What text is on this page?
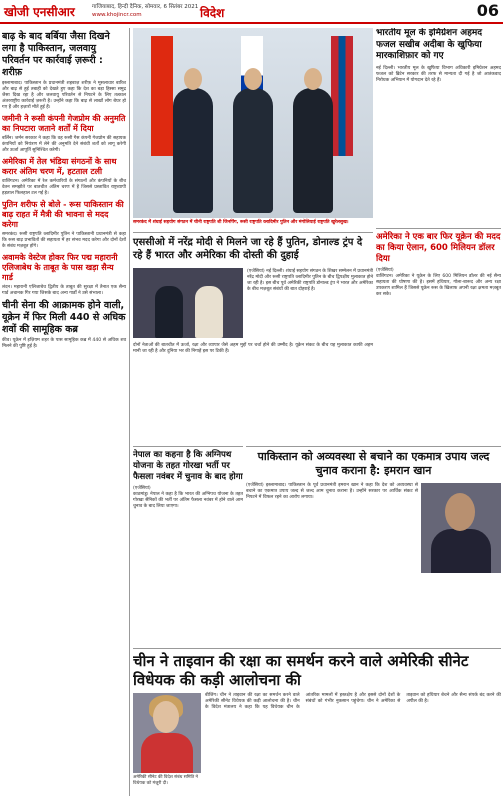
खोजी एनसीआर	गाजियाबाद, हिन्दी दैनिक, सोमवार, 6 सितंबर 2021
www.khojincr.com	विदेश	06
बाढ़ के बाद बर्बिया जैसा दिखने लगा है पाकिस्तान, जलवायु परिवर्तन पर कार्रवाई ज़रूरी : शरीफ़
इस्लामाबाद। पाकिस्तान के प्रधानमंत्री शहबाज़ शरीफ़ ने मूसलाधार बारिश और बाढ़ से हुई तबाही को देखते हुए कहा कि देश का बड़ा हिस्सा समुद्र जैसा दिख रहा है और जलवायु परिवर्तन से निपटने के लिए तत्काल अंतरराष्ट्रीय कार्रवाई ज़रूरी है। उन्होंने कहा कि बाढ़ से लाखों लोग बेघर हो गए हैं और हज़ारों मौतें हुई हैं।
जमीनी ने रूसी कंपनी गेजप्रोम की अनुमति का निपटारा जताने शर्तों में दिया
बर्लिन। जर्मन सरकार ने कहा कि वह रूसी गैस कंपनी गेजप्रोम की सहायक कंपनियों को नियंत्रण में लेने की अनुमति देने संबंधी शर्तों को लागू करेगी और ऊर्जा आपूर्ति सुनिश्चित करेगी।
अमेरिका में तेल भंडिया संगठनों के साथ करार अंतिम चरण में, हटताल टली
वाशिंगटन। अमेरिका में रेल कर्मचारियों के संगठनों और कंपनियों के बीच वेतन समझौते पर बातचीत अंतिम चरण में है जिससे प्रस्तावित राष्ट्रव्यापी हड़ताल फिलहाल टल गई है।
पुतिन शरीफ से बोले - रूस पाकिस्तान की बाढ़ राहत में मैत्री की भावना से मदद करेगा
समरकंद। रूसी राष्ट्रपति व्लादिमीर पुतिन ने पाकिस्तानी प्रधानमंत्री से कहा कि रूस बाढ़ प्रभावितों की सहायता में हर संभव मदद करेगा और दोनों देशों के संबंध मज़बूत होंगे।
अवामके वेस्टेज होकर फिर पद्म महारानी एलिजाबेथ के ताबूत के पास खड़ा सैन्य गार्ड
लंदन। महारानी एलिजाबेथ द्वितीय के ताबूत की सुरक्षा में तैनात एक सैन्य गार्ड अचानक गिर गया जिसके बाद अन्य गार्डों ने उसे संभाला।
चीनी सेना की आक्रामक होने वाली, यूक्रेन में फिर मिली 440 से अधिक शवों की सामूहिक कब्र
कीव। यूक्रेन में इज़ियम शहर के पास सामूहिक कब्र में 440 से अधिक शव मिलने की पुष्टि हुई है।
समरकंद में शंघाई सहयोग संगठन में चीनी राष्ट्रपति शी जिनपिंग, रूसी राष्ट्रपति व्लादिमीर पुतिन और मंगोलियाई राष्ट्रपति खुरेलसुख।
भारतीय मूल के इमिग्रेशन अहमद फजल सखीब अदीबा के खुफिया मारकाशिफ़ार को गए
नई दिल्ली। भारतीय मूल के खुफिया विभाग अधिकारी इमिग्रेशन अहमद फजल को ब्रिटेन सरकार की तरफ से मान्यता दी गई है जो आतंकवाद निरोधक अभियान में योगदान देते रहे हैं।
एससीओ में नरेंद्र मोदी से मिलने जा रहे हैं पुतिन, डोनाल्ड ट्रंप दे रहे हैं भारत और अमेरिका की दोस्ती की दुहाई
(एजेंसियां) नई दिल्ली। शंघाई सहयोग संगठन के शिखर सम्मेलन में प्रधानमंत्री नरेंद्र मोदी और रूसी राष्ट्रपति व्लादिमीर पुतिन के बीच द्विपक्षीय मुलाकात होने जा रही है। इस बीच पूर्व अमेरिकी राष्ट्रपति डोनाल्ड ट्रंप ने भारत और अमेरिका के बीच मज़बूत संबंधों की बात दोहराई है।
दोनों नेताओं की बातचीत में ऊर्जा, रक्षा और व्यापार जैसे अहम मुद्दों पर चर्चा होने की उम्मीद है। यूक्रेन संकट के बीच यह मुलाकात काफी अहम मानी जा रही है और दुनिया भर की निगाहें इस पर टिकी हैं।
अमेरिका ने एक बार फिर यूक्रेन की मदद का किया ऐलान, 600 मिलियन डॉलर दिया
(एजेंसियां)
वाशिंगटन। अमेरिका ने यूक्रेन के लिए 600 मिलियन डॉलर की नई सैन्य सहायता की घोषणा की है। इसमें हथियार, गोला-बारूद और अन्य रक्षा उपकरण शामिल हैं जिससे यूक्रेन रूस के खिलाफ अपनी रक्षा क्षमता मज़बूत कर सके।
नेपाल का कहना है कि अग्निपथ योजना के तहत गोरखा भर्ती पर फैसला नवंबर में चुनाव के बाद होगा
(एजेंसियां)
काठमांडू। नेपाल ने कहा है कि भारत की अग्निपथ योजना के तहत गोरखा सैनिकों की भर्ती पर अंतिम फैसला नवंबर में होने वाले आम चुनाव के बाद लिया जाएगा।
पाकिस्तान को अव्यवस्था से बचाने का एकमात्र उपाय जल्द चुनाव कराना है: इमरान खान
(एजेंसियां) इस्लामाबाद। पाकिस्तान के पूर्व प्रधानमंत्री इमरान खान ने कहा कि देश को अव्यवस्था से बचाने का एकमात्र उपाय जल्द से जल्द आम चुनाव कराना है। उन्होंने सरकार पर आर्थिक संकट से निपटने में विफल रहने का आरोप लगाया।
चीन ने ताइवान की रक्षा का समर्थन करने वाले अमेरिकी सीनेट विधेयक की कड़ी आलोचना की
अमेरिकी सीनेट की विदेश संबंध समिति ने विधेयक को मंज़ूरी दी।
बीजिंग। चीन ने ताइवान की रक्षा का समर्थन करने वाले अमेरिकी सीनेट विधेयक की कड़ी आलोचना की है। चीन के विदेश मंत्रालय ने कहा कि यह विधेयक चीन के आंतरिक मामलों में हस्तक्षेप है और इससे दोनों देशों के संबंधों को गंभीर नुकसान पहुंचेगा। चीन ने अमेरिका से ताइवान को हथियार बेचने और सैन्य संपर्क बंद करने की अपील की है।
